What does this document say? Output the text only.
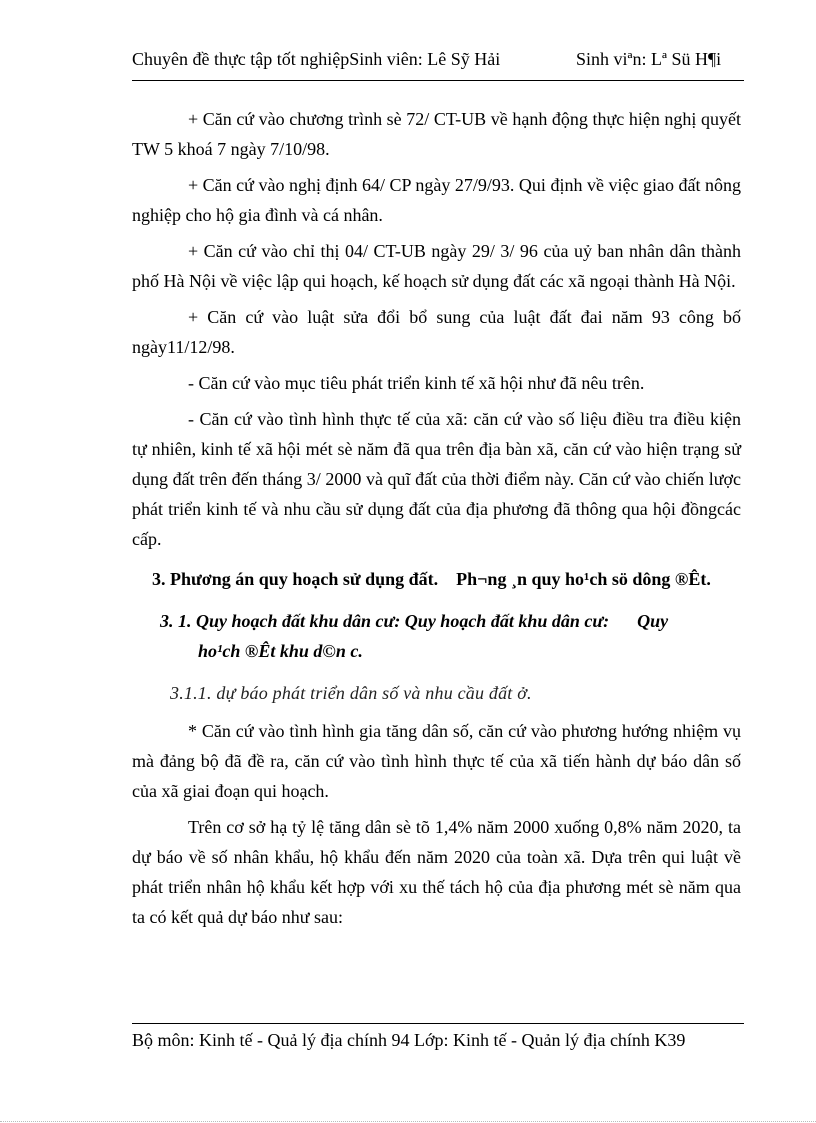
Chuyên đề thực tập tốt nghiệpSinh viên: Lê Sỹ Hải	Sinh viªn: Lª Sü H¶i

+ Căn cứ vào chương trình sè 72/ CT-UB về hạnh động thực hiện nghị quyết TW 5 khoá 7 ngày 7/10/98.

+ Căn cứ vào nghị định 64/ CP ngày 27/9/93. Qui định về việc giao đất nông nghiệp cho hộ gia đình và cá nhân.

+ Căn cứ vào chỉ thị 04/ CT-UB ngày 29/ 3/ 96 của uỷ ban nhân dân thành phố Hà Nội về việc lập qui hoạch, kế hoạch sử dụng đất các xã ngoại thành Hà Nội.

+ Căn cứ vào luật sửa đổi bổ sung của luật đất đai năm 93 công bố ngày11/12/98.

- Căn cứ vào mục tiêu phát triển kinh tế xã hội như đã nêu trên.

- Căn cứ vào tình hình thực tế của xã: căn cứ vào số liệu điều tra điều kiện tự nhiên, kinh tế xã hội mét sè năm đã qua trên địa bàn xã, căn cứ vào hiện trạng sử dụng đất trên đến tháng 3/ 2000 và quĩ đất của thời điểm này. Căn cứ vào chiến lược phát triển kinh tế và nhu cầu sử dụng đất của địa phương đã thông qua hội đồngcác cấp.

3. Phương án quy hoạch sử dụng đất. Ph¬ng ¸n quy ho¹ch sö dông ®Êt.
3. 1. Quy hoạch đất khu dân cư: Quy hoạch đất khu dân cư: Quy
ho¹ch ®Êt khu d©n c.
3.1.1. dự báo phát triển dân số và nhu cầu đất ở.

* Căn cứ vào tình hình gia tăng dân số, căn cứ vào phương hướng nhiệm vụ mà đảng bộ đã đề ra, căn cứ vào tình hình thực tế của xã tiến hành dự báo dân số của xã giai đoạn qui hoạch.

Trên cơ sở hạ tỷ lệ tăng dân sè tõ 1,4% năm 2000 xuống 0,8% năm 2020, ta dự báo về số nhân khẩu, hộ khẩu đến năm 2020 của toàn xã. Dựa trên qui luật về phát triển nhân hộ khẩu kết hợp với xu thế tách hộ của địa phương mét sè năm qua ta có kết quả dự báo như sau:

Bộ môn: Kinh tế - Quả lý địa chính 94 Lớp: Kinh tế - Quản lý địa chính K39
